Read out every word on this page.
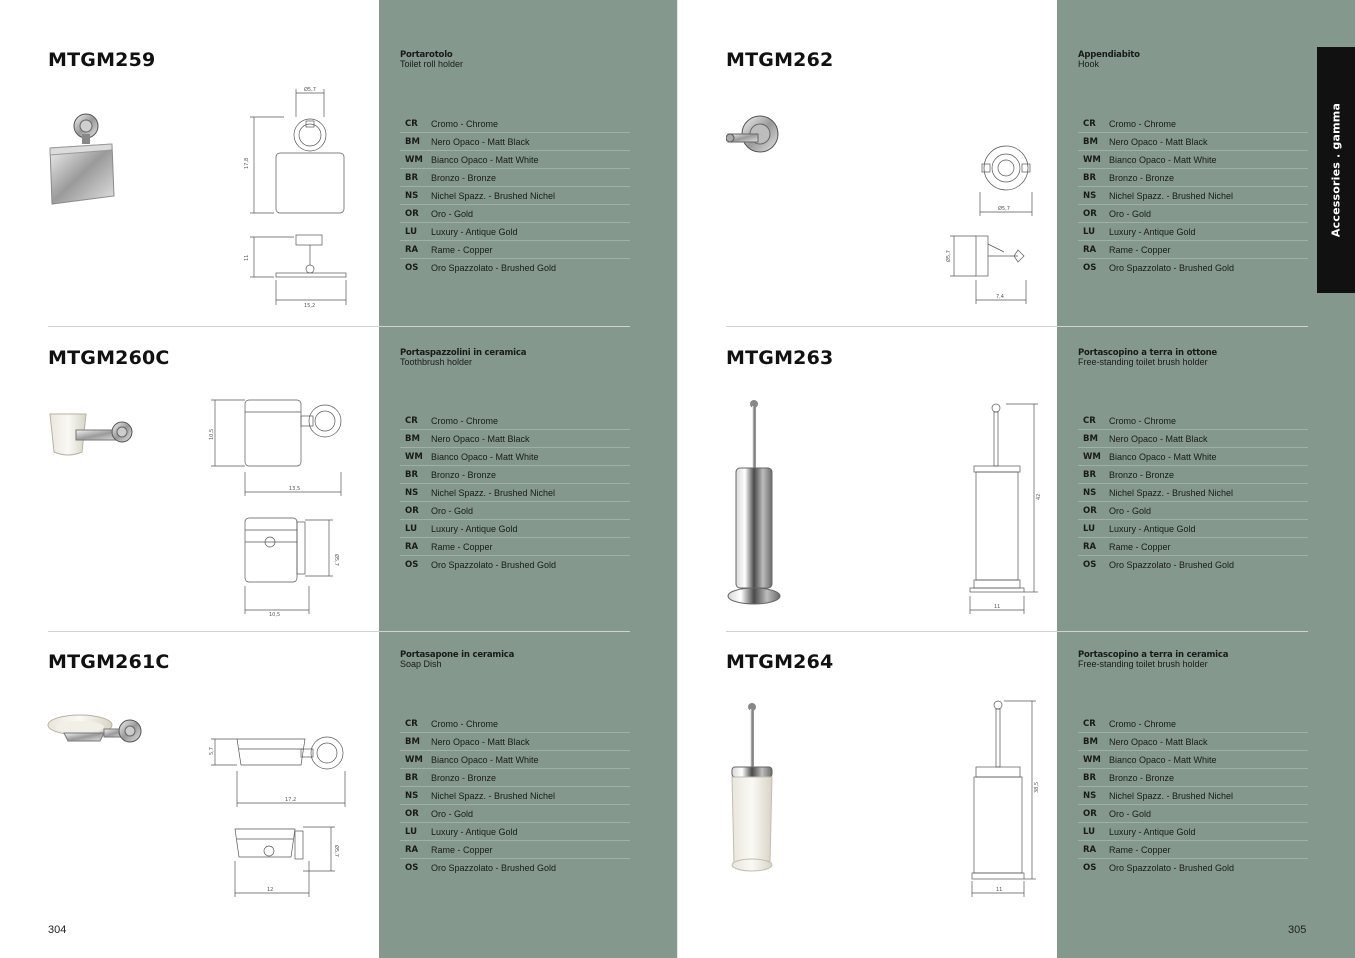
MTGM259	Portarotolo
Toilet roll holder
Ø5,7
17,8
11
15,2
CR	Cromo - Chrome
BM	Nero Opaco - Matt Black
WM Bianco Opaco - Matt White
BR	Bronzo - Bronze
NS	Nichel Spazz. - Brushed Nichel
OR	Oro - Gold
LU	Luxury - Antique Gold
RA	Rame - Copper
OS	Oro Spazzolato - Brushed Gold
MTGM260C	Portaspazzolini in ceramica
Toothbrush holder
10,5
13,5
Ø5,7
10,5
CR	Cromo - Chrome
BM	Nero Opaco - Matt Black
WM Bianco Opaco - Matt White
BR	Bronzo - Bronze
NS	Nichel Spazz. - Brushed Nichel
OR	Oro - Gold
LU	Luxury - Antique Gold
RA	Rame - Copper
OS	Oro Spazzolato - Brushed Gold
MTGM261C	Portasapone in ceramica
Soap Dish
5,7
17,2
Ø5,7
12
CR	Cromo - Chrome
BM	Nero Opaco - Matt Black
WM Bianco Opaco - Matt White
BR	Bronzo - Bronze
NS	Nichel Spazz. - Brushed Nichel
OR	Oro - Gold
LU	Luxury - Antique Gold
RA	Rame - Copper
OS	Oro Spazzolato - Brushed Gold
304
MTGM262	Appendiabito
Hook
Ø5,7
Ø5,7
7,4
CR	Cromo - Chrome
BM	Nero Opaco - Matt Black
WM Bianco Opaco - Matt White
BR	Bronzo - Bronze
NS	Nichel Spazz. - Brushed Nichel
OR	Oro - Gold
LU	Luxury - Antique Gold
RA	Rame - Copper
OS	Oro Spazzolato - Brushed Gold
MTGM263	Portascopino a terra in ottone
Free-standing toilet brush holder
42
11
CR	Cromo - Chrome
BM	Nero Opaco - Matt Black
WM Bianco Opaco - Matt White
BR	Bronzo - Bronze
NS	Nichel Spazz. - Brushed Nichel
OR	Oro - Gold
LU	Luxury - Antique Gold
RA	Rame - Copper
OS	Oro Spazzolato - Brushed Gold
MTGM264	Portascopino a terra in ceramica
Free-standing toilet brush holder
38,5
11
CR	Cromo - Chrome
BM	Nero Opaco - Matt Black
WM Bianco Opaco - Matt White
BR	Bronzo - Bronze
NS	Nichel Spazz. - Brushed Nichel
OR	Oro - Gold
LU	Luxury - Antique Gold
RA	Rame - Copper
OS	Oro Spazzolato - Brushed Gold
305
Accessories . gamma
